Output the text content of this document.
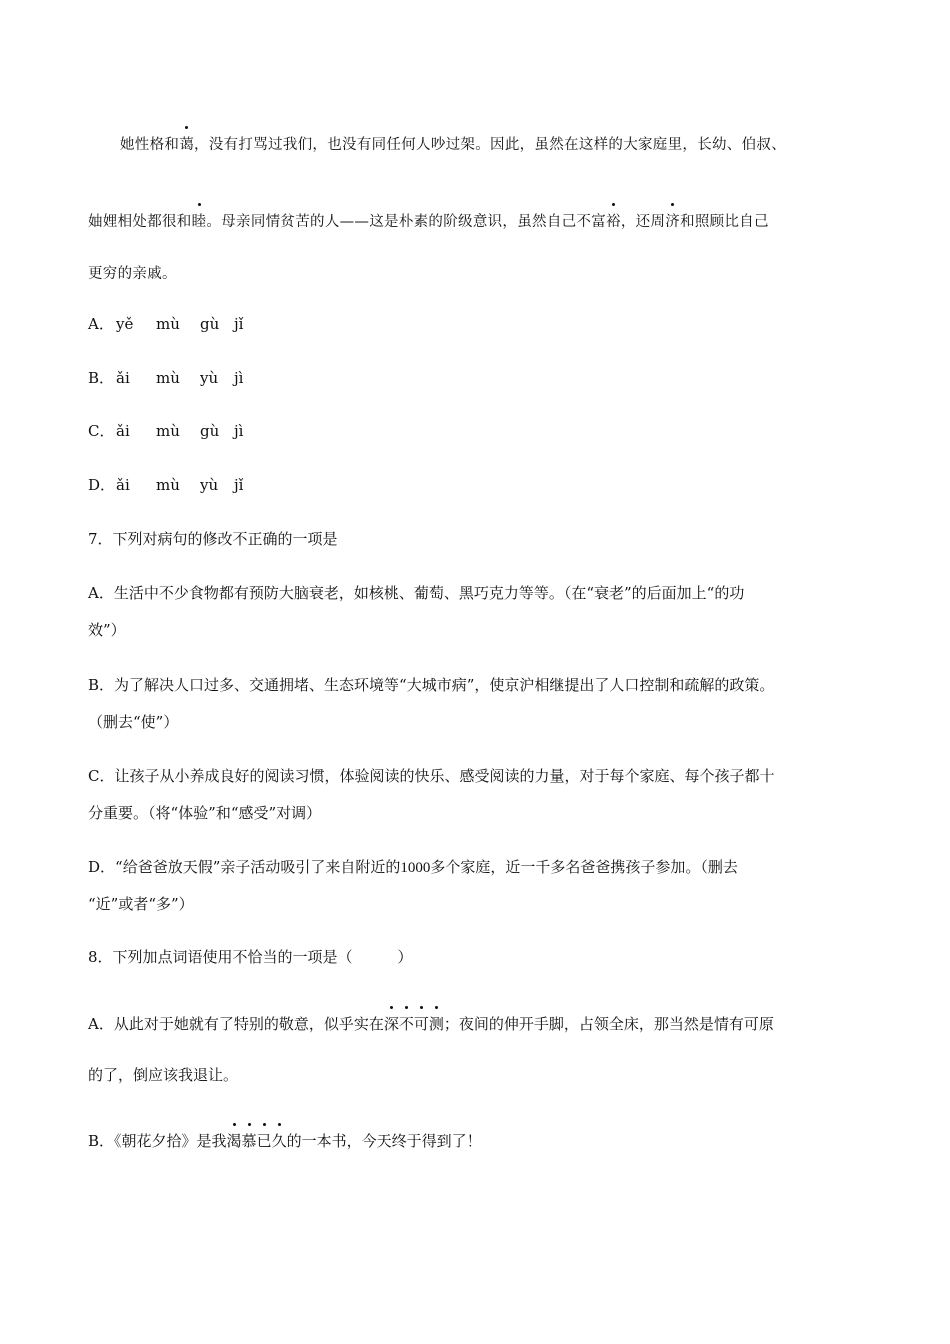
她性格和蔼，没有打骂过我们，也没有同任何人吵过架。因此，虽然在这样的大家庭里，长幼、伯叔、
妯娌相处都很和睦。母亲同情贫苦的人——这是朴素的阶级意识，虽然自己不富裕，还周济和照顾比自己
更穷的亲戚。
A． yě mù gù jǐ
B． ǎi mù yù jì
C． ǎi mù gù jì
D．ǎi mù yù jǐ
7．下列对病句的修改不正确的一项是
A．生活中不少食物都有预防大脑衰老，如核桃、葡萄、黑巧克力等等。（在“衰老”的后面加上“的功
效”）
B．为了解决人口过多、交通拥堵、生态环境等“大城市病”，使京沪相继提出了人口控制和疏解的政策。
（删去“使”）
C．让孩子从小养成良好的阅读习惯，体验阅读的快乐、感受阅读的力量，对于每个家庭、每个孩子都十
分重要。（将“体验”和“感受”对调）
D．“给爸爸放天假”亲子活动吸引了来自附近的1000多个家庭，近一千多名爸爸携孩子参加。（删去
“近”或者“多”）
8．下列加点词语使用不恰当的一项是（　　　）
A．从此对于她就有了特别的敬意，似乎实在深不可测；夜间的伸开手脚，占领全床，那当然是情有可原
的了，倒应该我退让。
B．《朝花夕拾》是我渴慕已久的一本书，今天终于得到了！
